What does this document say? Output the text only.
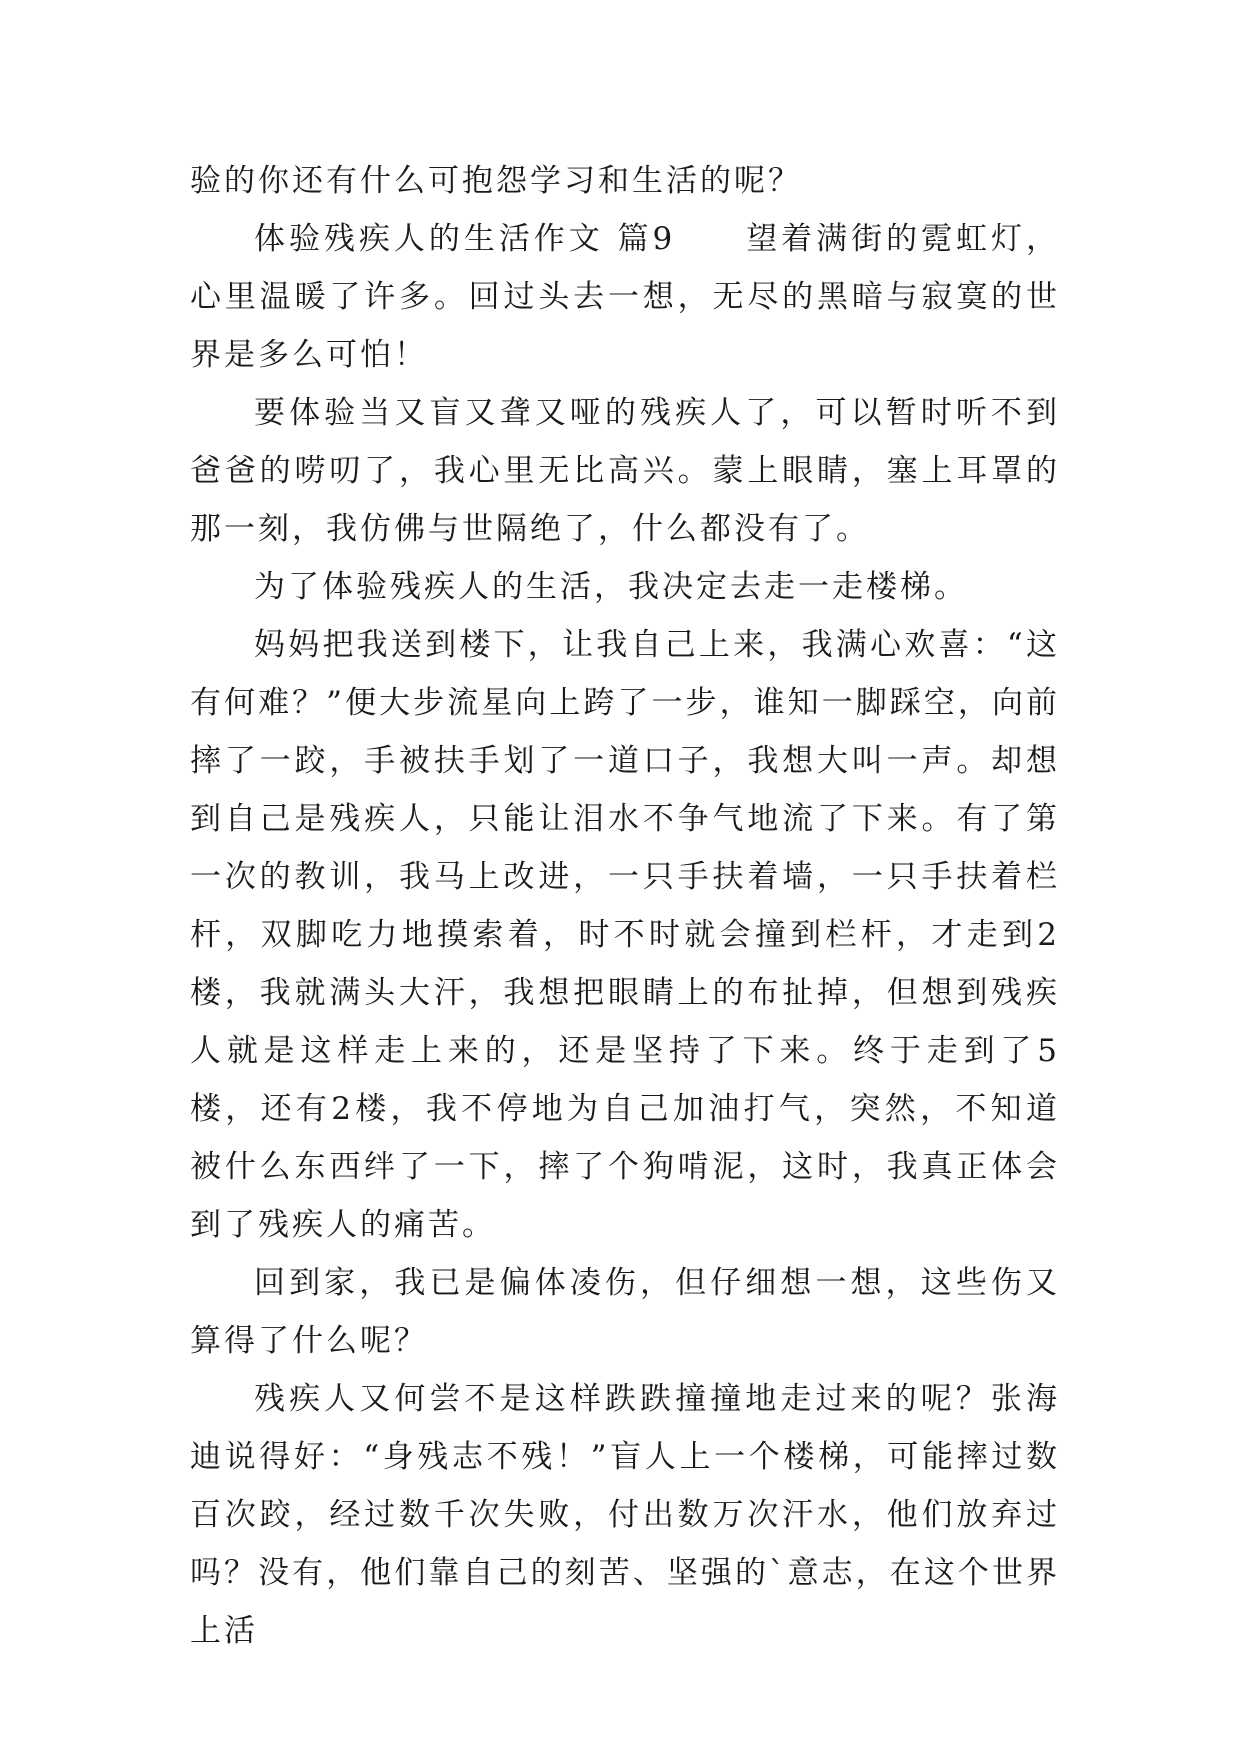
验的你还有什么可抱怨学习和生活的呢？

体验残疾人的生活作文 篇9　　望着满街的霓虹灯，心里温暖了许多。回过头去一想，无尽的黑暗与寂寞的世界是多么可怕！

要体验当又盲又聋又哑的残疾人了，可以暂时听不到爸爸的唠叨了，我心里无比高兴。蒙上眼睛，塞上耳罩的那一刻，我仿佛与世隔绝了，什么都没有了。

为了体验残疾人的生活，我决定去走一走楼梯。

妈妈把我送到楼下，让我自己上来，我满心欢喜：“这有何难？”便大步流星向上跨了一步，谁知一脚踩空，向前摔了一跤，手被扶手划了一道口子，我想大叫一声。却想到自己是残疾人，只能让泪水不争气地流了下来。有了第一次的教训，我马上改进，一只手扶着墙，一只手扶着栏杆，双脚吃力地摸索着，时不时就会撞到栏杆，才走到2楼，我就满头大汗，我想把眼睛上的布扯掉，但想到残疾人就是这样走上来的，还是坚持了下来。终于走到了5楼，还有2楼，我不停地为自己加油打气，突然，不知道被什么东西绊了一下，摔了个狗啃泥，这时，我真正体会到了残疾人的痛苦。

回到家，我已是偏体凌伤，但仔细想一想，这些伤又算得了什么呢？

残疾人又何尝不是这样跌跌撞撞地走过来的呢？张海迪说得好：“身残志不残！”盲人上一个楼梯，可能摔过数百次跤，经过数千次失败，付出数万次汗水，他们放弃过吗？没有，他们靠自己的刻苦、坚强的`意志，在这个世界上活
